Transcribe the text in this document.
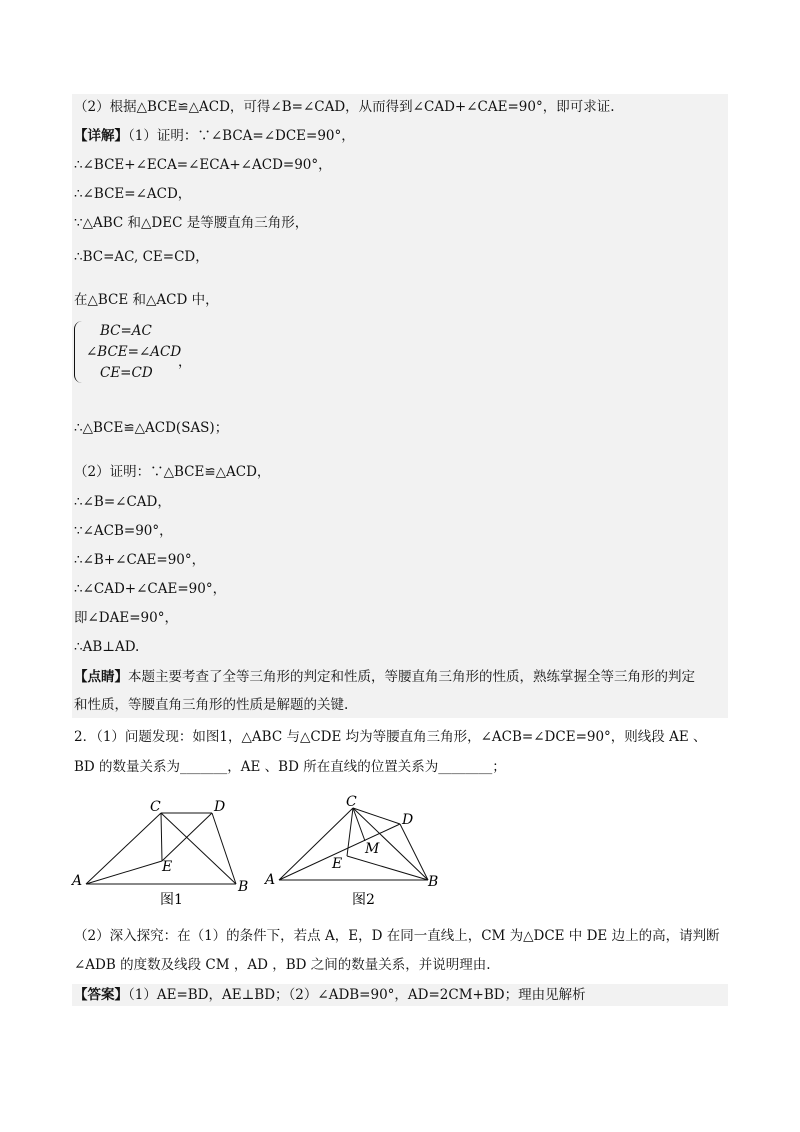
（2）根据△BCE≌△ACD，可得∠B=∠CAD，从而得到∠CAD+∠CAE=90°，即可求证.
【详解】（1）证明：∵∠BCA=∠DCE=90°，
∴∠BCE+∠ECA=∠ECA+∠ACD=90°，
∴∠BCE=∠ACD，
∵△ABC 和△DEC 是等腰直角三角形，
∴BC=AC, CE=CD，
在△BCE 和△ACD 中，
BC=AC
∠BCE=∠ACD
CE=CD
，
∴△BCE≌△ACD(SAS)；
（2）证明：∵△BCE≌△ACD，
∴∠B=∠CAD，
∵∠ACB=90°，
∴∠B+∠CAE=90°，
∴∠CAD+∠CAE=90°，
即∠DAE=90°，
∴AB⊥AD.
【点睛】本题主要考查了全等三角形的判定和性质，等腰直角三角形的性质，熟练掌握全等三角形的判定
和性质，等腰直角三角形的性质是解题的关键.
2．（1）问题发现：如图1，△ABC 与△CDE 均为等腰直角三角形，∠ACB=∠DCE=90°，则线段 AE 、
BD 的数量关系为_______，AE 、BD 所在直线的位置关系为________；
A	B
C	D
E
图1
A	B
C
D
E
M
图2
（2）深入探究：在（1）的条件下，若点 A，E，D 在同一直线上，CM 为△DCE 中 DE 边上的高，请判断
∠ADB 的度数及线段 CM ，AD ，BD 之间的数量关系，并说明理由.
【答案】（1）AE=BD，AE⊥BD；（2）∠ADB=90°，AD=2CM+BD；理由见解析
